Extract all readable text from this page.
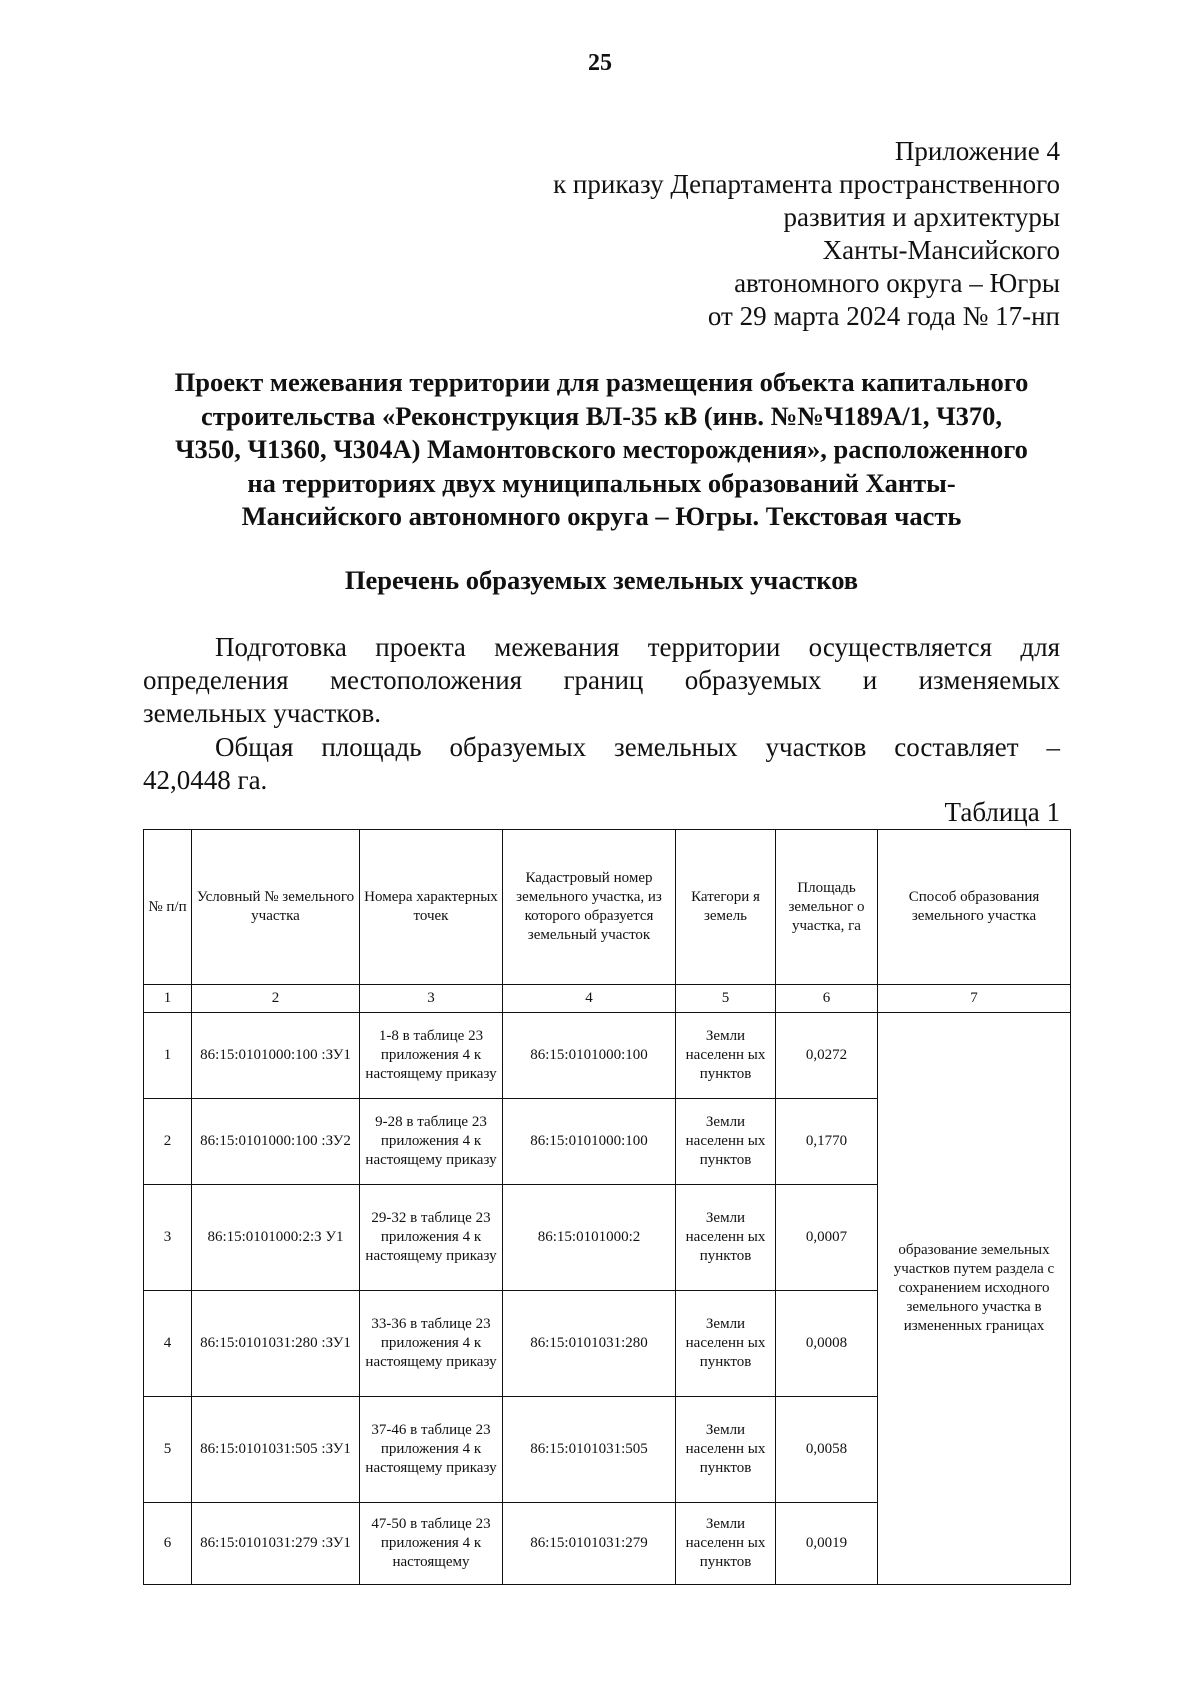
25
Приложение 4
к приказу Департамента пространственного
развития и архитектуры
Ханты-Мансийского
автономного округа – Югры
от 29 марта 2024 года № 17-нп
Проект межевания территории для размещения объекта капитального
строительства «Реконструкция ВЛ-35 кВ (инв. №№Ч189А/1, Ч370,
Ч350, Ч1360, Ч304А) Мамонтовского месторождения», расположенного
на территориях двух муниципальных образований Ханты-
Мансийского автономного округа – Югры. Текстовая часть
Перечень образуемых земельных участков
Подготовка проекта межевания территории осуществляется для
определения местоположения границ образуемых и изменяемых
земельных участков.
Общая площадь образуемых земельных участков составляет –
42,0448 га.
Таблица 1
№ п/п	Условный № земельного участка	Номера характерных точек	Кадастровый номер земельного участка, из которого образуется земельный участок	Категори я земель	Площадь земельног о участка, га	Способ образования земельного участка
1	2	3	4	5	6	7
1	86:15:0101000:100 :ЗУ1	1-8 в таблице 23 приложения 4 к настоящему приказу	86:15:0101000:100	Земли населенн ых пунктов	0,0272	образование земельных участков путем раздела с сохранением исходного земельного участка в измененных границах

2	86:15:0101000:100 :ЗУ2	9-28 в таблице 23 приложения 4 к настоящему приказу	86:15:0101000:100	Земли населенн ых пунктов	0,1770	
3	86:15:0101000:2:З У1	29-32 в таблице 23 приложения 4 к настоящему приказу	86:15:0101000:2	Земли населенн ых пунктов	0,0007	
4	86:15:0101031:280 :ЗУ1	33-36 в таблице 23 приложения 4 к настоящему приказу	86:15:0101031:280	Земли населенн ых пунктов	0,0008	
5	86:15:0101031:505 :ЗУ1	37-46 в таблице 23 приложения 4 к настоящему приказу	86:15:0101031:505	Земли населенн ых пунктов	0,0058	
6	86:15:0101031:279 :ЗУ1	47-50 в таблице 23 приложения 4 к настоящему	86:15:0101031:279	Земли населенн ых пунктов	0,0019	
